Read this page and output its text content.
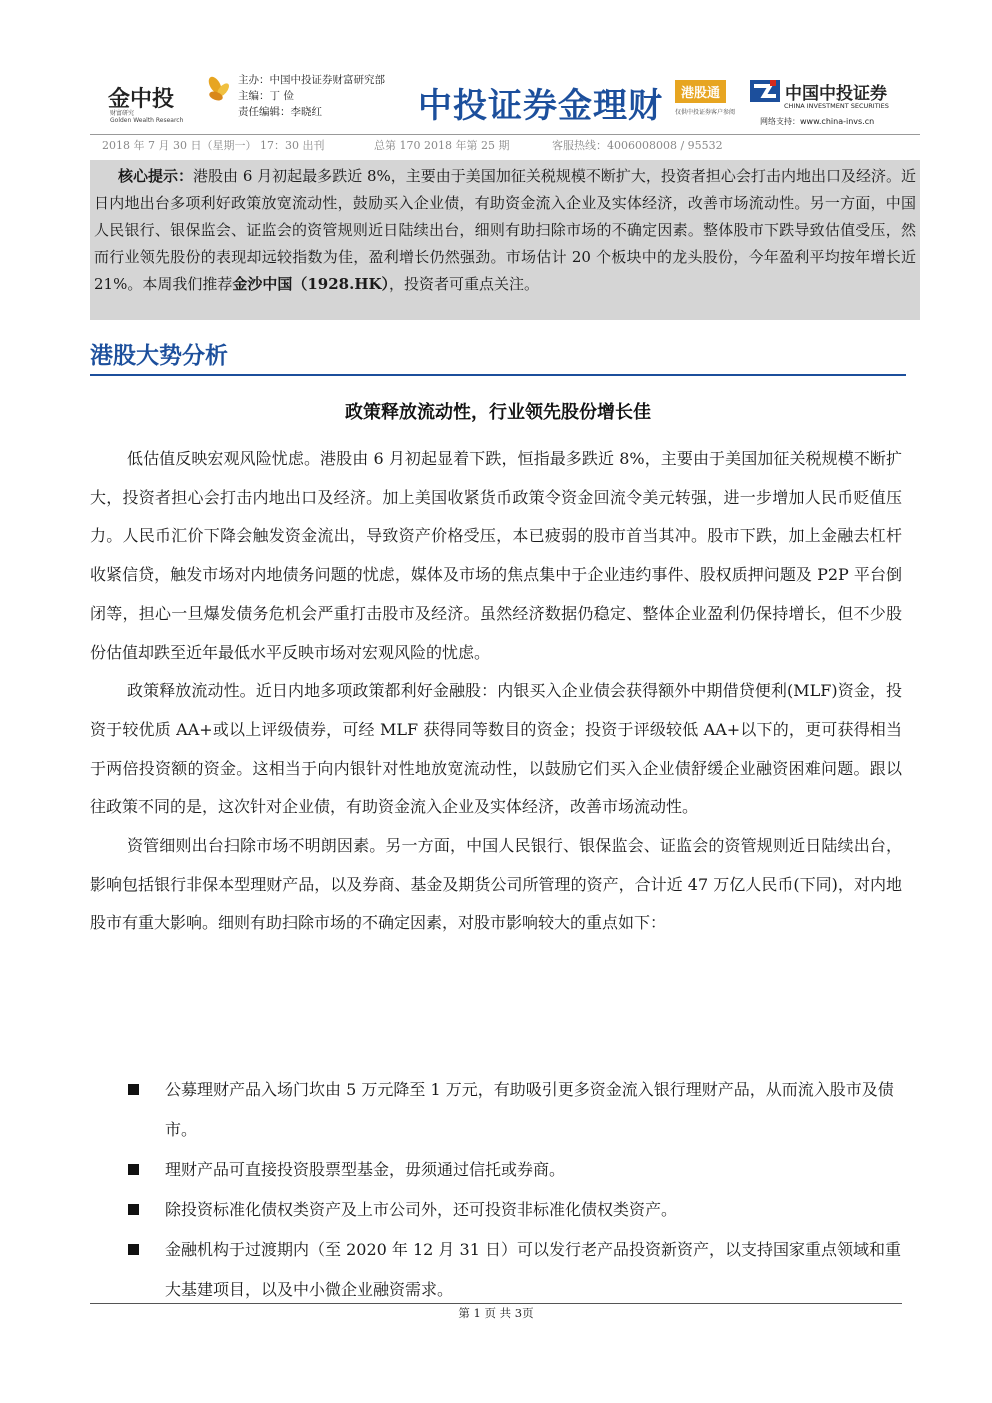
金中投
财富研究
Golden Wealth Research
主办：中国中投证券财富研究部
主编：丁 俭
责任编辑：李晓红	中投证券金理财	港股通
仅供中投证券客户参阅
中国中投证券
CHINA INVESTMENT SECURITIES
网络支持：www.china-invs.cn
2018 年 7 月 30 日（星期一） 17：30 出刊	总第 170 2018 年第 25 期	客服热线：4006008008 / 95532

核心提示：港股由 6 月初起最多跌近 8%，主要由于美国加征关税规模不断扩大，投资者担心会打击内地出口及经济。近日内地出台多项利好政策放宽流动性，鼓励买入企业债，有助资金流入企业及实体经济，改善市场流动性。另一方面，中国人民银行、银保监会、证监会的资管规则近日陆续出台，细则有助扫除市场的不确定因素。整体股市下跌导致估值受压，然而行业领先股份的表现却远较指数为佳，盈利增长仍然强劲。市场估计 20 个板块中的龙头股份，今年盈利平均按年增长近 21%。本周我们推荐金沙中国（1928.HK），投资者可重点关注。

港股大势分析
政策释放流动性，行业领先股份增长佳

低估值反映宏观风险忧虑。港股由 6 月初起显着下跌，恒指最多跌近 8%，主要由于美国加征关税规模不断扩大，投资者担心会打击内地出口及经济。加上美国收紧货币政策令资金回流令美元转强，进一步增加人民币贬值压力。人民币汇价下降会触发资金流出，导致资产价格受压，本已疲弱的股市首当其冲。股市下跌，加上金融去杠杆收紧信贷，触发市场对内地债务问题的忧虑，媒体及市场的焦点集中于企业违约事件、股权质押问题及 P2P 平台倒闭等，担心一旦爆发债务危机会严重打击股市及经济。虽然经济数据仍稳定、整体企业盈利仍保持增长，但不少股份估值却跌至近年最低水平反映市场对宏观风险的忧虑。

政策释放流动性。近日内地多项政策都利好金融股：内银买入企业债会获得额外中期借贷便利(MLF)资金，投资于较优质 AA+或以上评级债券，可经 MLF 获得同等数目的资金；投资于评级较低 AA+以下的，更可获得相当于两倍投资额的资金。这相当于向内银针对性地放宽流动性，以鼓励它们买入企业债舒缓企业融资困难问题。跟以往政策不同的是，这次针对企业债，有助资金流入企业及实体经济，改善市场流动性。

资管细则出台扫除市场不明朗因素。另一方面，中国人民银行、银保监会、证监会的资管规则近日陆续出台，影响包括银行非保本型理财产品，以及券商、基金及期货公司所管理的资产，合计近 47 万亿人民币(下同)，对内地股市有重大影响。细则有助扫除市场的不确定因素，对股市影响较大的重点如下：

公募理财产品入场门坎由 5 万元降至 1 万元，有助吸引更多资金流入银行理财产品，从而流入股市及债市。
理财产品可直接投资股票型基金，毋须通过信托或券商。
除投资标准化债权类资产及上市公司外，还可投资非标准化债权类资产。
金融机构于过渡期内（至 2020 年 12 月 31 日）可以发行老产品投资新资产，以支持国家重点领域和重大基建项目，以及中小微企业融资需求。
第 1 页 共 3页
